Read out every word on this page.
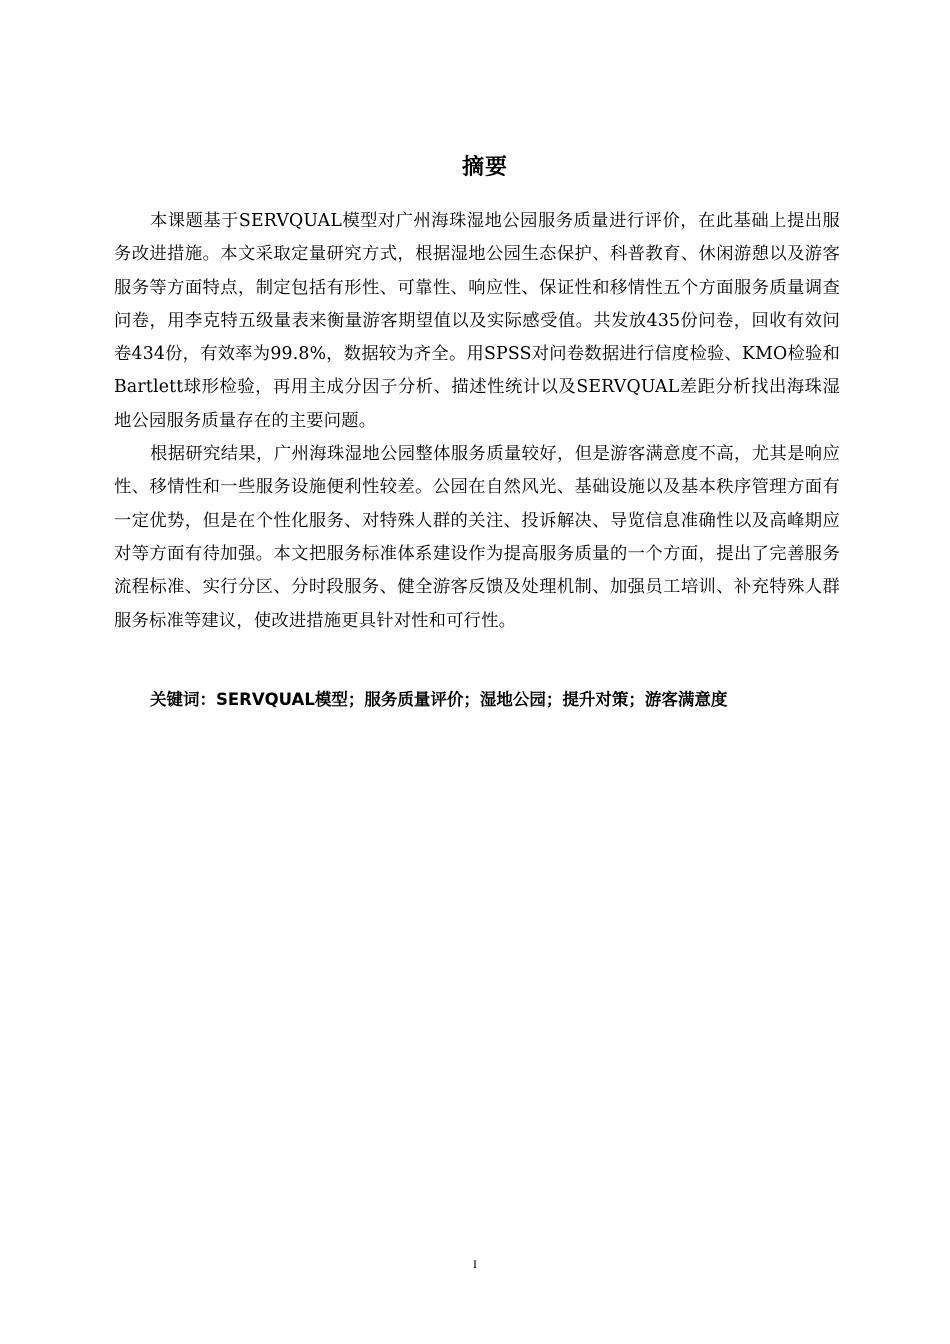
摘要

本课题基于SERVQUAL模型对广州海珠湿地公园服务质量进行评价，在此基础上提出服务改进措施。本文采取定量研究方式，根据湿地公园生态保护、科普教育、休闲游憩以及游客服务等方面特点，制定包括有形性、可靠性、响应性、保证性和移情性五个方面服务质量调查问卷，用李克特五级量表来衡量游客期望值以及实际感受值。共发放435份问卷，回收有效问卷434份，有效率为99.8%，数据较为齐全。用SPSS对问卷数据进行信度检验、KMO检验和Bartlett球形检验，再用主成分因子分析、描述性统计以及SERVQUAL差距分析找出海珠湿地公园服务质量存在的主要问题。

根据研究结果，广州海珠湿地公园整体服务质量较好，但是游客满意度不高，尤其是响应性、移情性和一些服务设施便利性较差。公园在自然风光、基础设施以及基本秩序管理方面有一定优势，但是在个性化服务、对特殊人群的关注、投诉解决、导览信息准确性以及高峰期应对等方面有待加强。本文把服务标准体系建设作为提高服务质量的一个方面，提出了完善服务流程标准、实行分区、分时段服务、健全游客反馈及处理机制、加强员工培训、补充特殊人群服务标准等建议，使改进措施更具针对性和可行性。

关键词：SERVQUAL模型；服务质量评价；湿地公园；提升对策；游客满意度
I
